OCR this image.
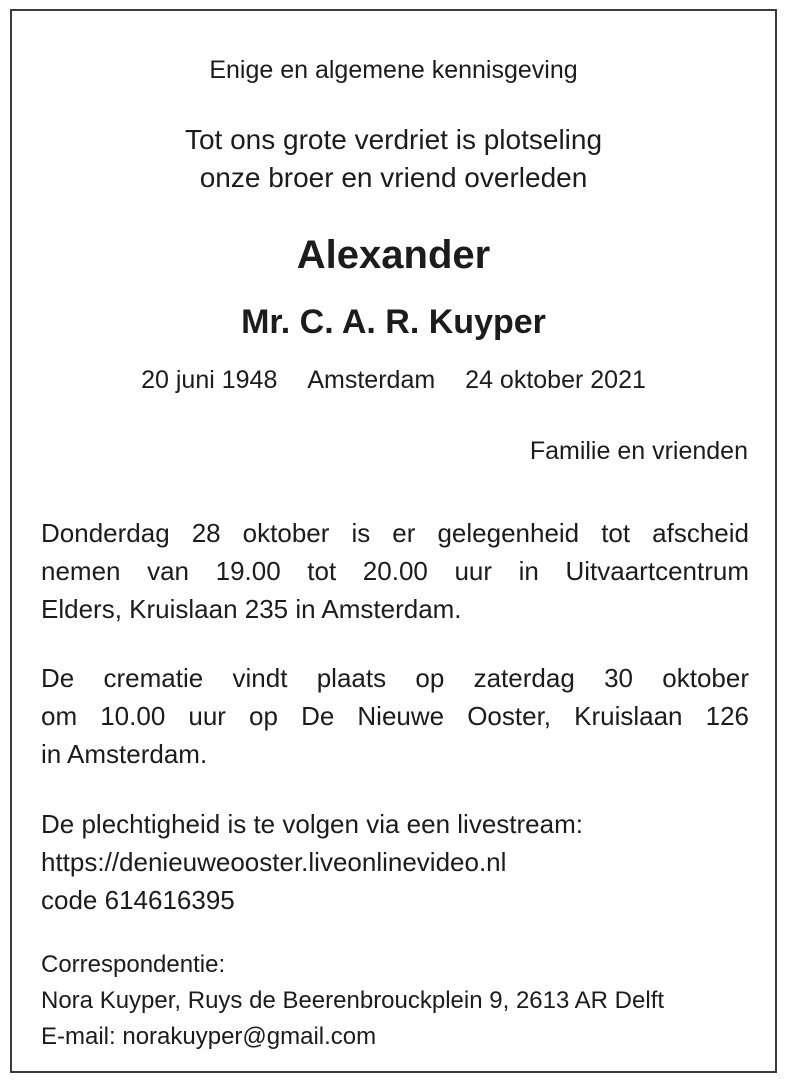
Enige en algemene kennisgeving
Tot ons grote verdriet is plotseling
onze broer en vriend overleden
Alexander
Mr. C. A. R. Kuyper
20 juni 1948 Amsterdam 24 oktober 2021
Familie en vrienden
Donderdag 28 oktober is er gelegenheid tot afscheid
nemen van 19.00 tot 20.00 uur in Uitvaartcentrum
Elders, Kruislaan 235 in Amsterdam.
De crematie vindt plaats op zaterdag 30 oktober
om 10.00 uur op De Nieuwe Ooster, Kruislaan 126
in Amsterdam.
De plechtigheid is te volgen via een livestream:
https://denieuweooster.liveonlinevideo.nl
code 614616395
Correspondentie:
Nora Kuyper, Ruys de Beerenbrouckplein 9, 2613 AR Delft
E-mail: norakuyper@gmail.com
